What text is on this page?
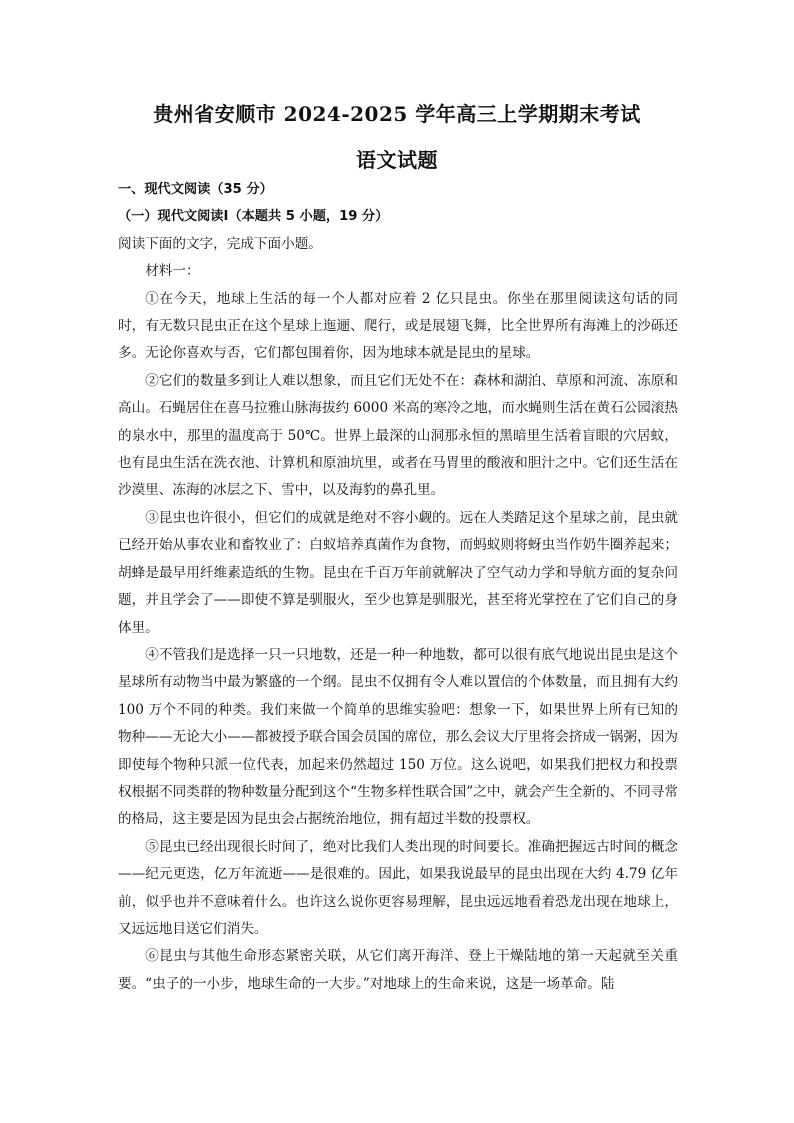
贵州省安顺市 2024-2025 学年高三上学期期末考试
语文试题

一、现代文阅读（35 分）

（一）现代文阅读Ⅰ（本题共 5 小题，19 分）

阅读下面的文字，完成下面小题。

材料一：

①在今天，地球上生活的每一个人都对应着 2 亿只昆虫。你坐在那里阅读这句话的同时，有无数只昆虫正在这个星球上迤逦、爬行，或是展翅飞舞，比全世界所有海滩上的沙砾还多。无论你喜欢与否，它们都包围着你，因为地球本就是昆虫的星球。

②它们的数量多到让人难以想象，而且它们无处不在：森林和湖泊、草原和河流、冻原和高山。石蝇居住在喜马拉雅山脉海拔约 6000 米高的寒冷之地，而水蝇则生活在黄石公园滚热的泉水中，那里的温度高于 50℃。世界上最深的山洞那永恒的黑暗里生活着盲眼的穴居蚊，也有昆虫生活在洗衣池、计算机和原油坑里，或者在马胃里的酸液和胆汁之中。它们还生活在沙漠里、冻海的冰层之下、雪中，以及海豹的鼻孔里。

③昆虫也许很小，但它们的成就是绝对不容小觑的。远在人类踏足这个星球之前，昆虫就已经开始从事农业和畜牧业了：白蚁培养真菌作为食物，而蚂蚁则将蚜虫当作奶牛圈养起来；胡蜂是最早用纤维素造纸的生物。昆虫在千百万年前就解决了空气动力学和导航方面的复杂问题，并且学会了——即使不算是驯服火，至少也算是驯服光，甚至将光掌控在了它们自己的身体里。

④不管我们是选择一只一只地数，还是一种一种地数，都可以很有底气地说出昆虫是这个星球所有动物当中最为繁盛的一个纲。昆虫不仅拥有令人难以置信的个体数量，而且拥有大约 100 万个不同的种类。我们来做一个简单的思维实验吧：想象一下，如果世界上所有已知的物种——无论大小——都被授予联合国会员国的席位，那么会议大厅里将会挤成一锅粥，因为即使每个物种只派一位代表，加起来仍然超过 150 万位。这么说吧，如果我们把权力和投票权根据不同类群的物种数量分配到这个“生物多样性联合国”之中，就会产生全新的、不同寻常的格局，这主要是因为昆虫会占据统治地位，拥有超过半数的投票权。

⑤昆虫已经出现很长时间了，绝对比我们人类出现的时间要长。准确把握远古时间的概念——纪元更迭，亿万年流逝——是很难的。因此，如果我说最早的昆虫出现在大约 4.79 亿年前，似乎也并不意味着什么。也许这么说你更容易理解，昆虫远远地看着恐龙出现在地球上，又远远地目送它们消失。

⑥昆虫与其他生命形态紧密关联，从它们离开海洋、登上干燥陆地的第一天起就至关重要。“虫子的一小步，地球生命的一大步。”对地球上的生命来说，这是一场革命。陆
